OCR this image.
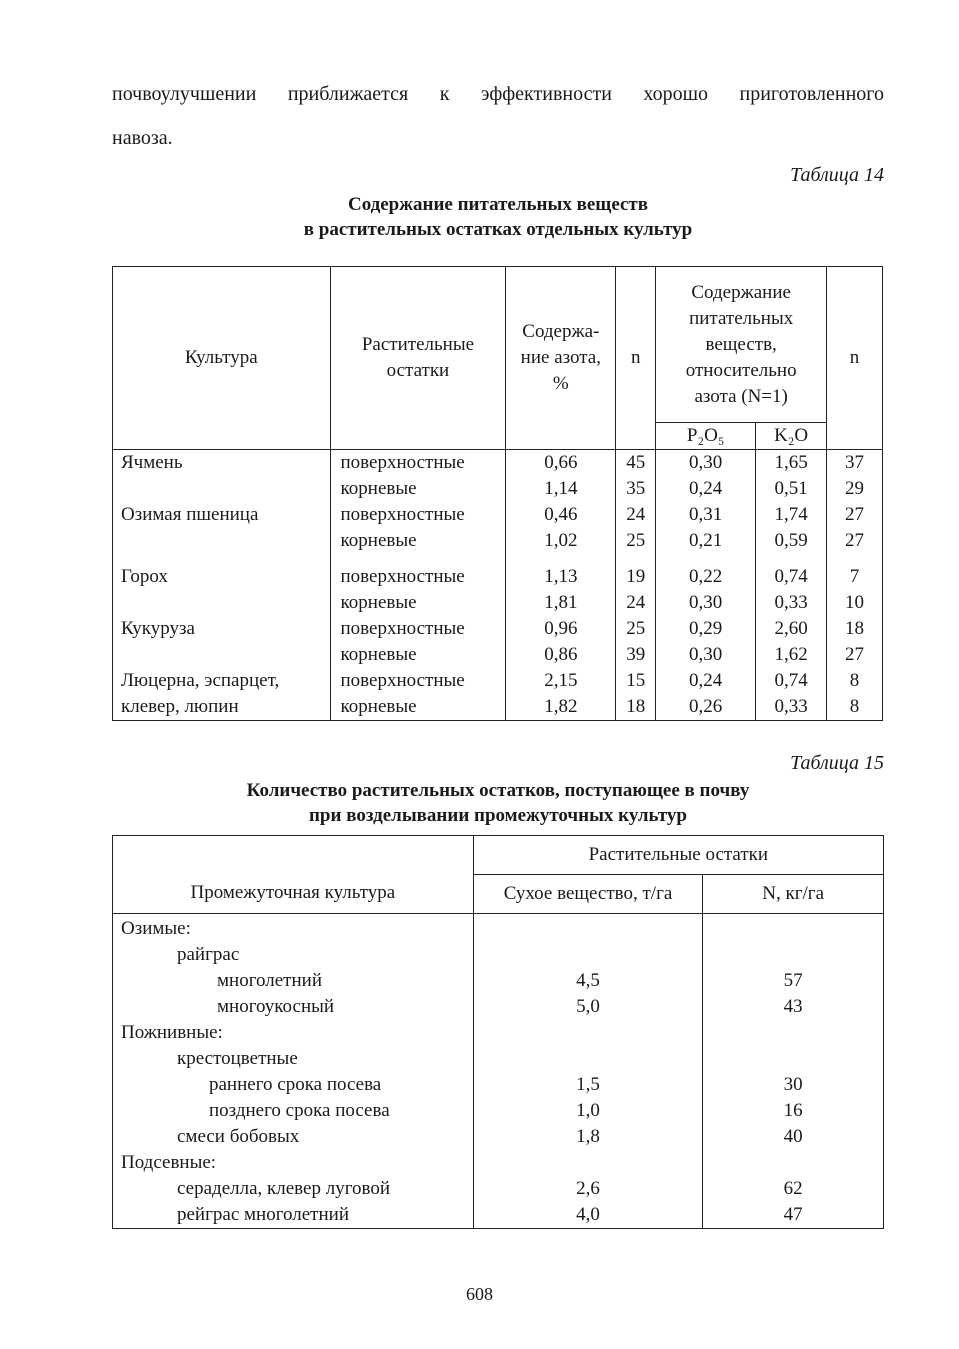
почвоулучшении приближается к эффективности хорошо приготовленного
навоза.
Таблица 14
Содержание питательных веществ
в растительных остатках отдельных культур
Культура	Растительные остатки	Содержа-ние азота, %	n	Содержание питательных веществ, относительно азота (N=1)		n
				P₂O₅	K₂O	
Ячмень	поверхностные	0,66	45	0,30	1,65	37
	корневые	1,14	35	0,24	0,51	29
Озимая пшеница	поверхностные	0,46	24	0,31	1,74	27
	корневые	1,02	25	0,21	0,59	27
Горох	поверхностные	1,13	19	0,22	0,74	7
	корневые	1,81	24	0,30	0,33	10
Кукуруза	поверхностные	0,96	25	0,29	2,60	18
	корневые	0,86	39	0,30	1,62	27
Люцерна, эспарцет,	поверхностные	2,15	15	0,24	0,74	8
клевер, люпин	корневые	1,82	18	0,26	0,33	8
Таблица 15
Количество растительных остатков, поступающее в почву
при возделывании промежуточных культур
Промежуточная культура	Растительные остатки	
	Сухое вещество, т/га	N, кг/га
Озимые:		
райграс		
многолетний	4,5	57
многоукосный	5,0	43
Пожнивные:		
крестоцветные		
раннего срока посева	1,5	30
позднего срока посева	1,0	16
смеси бобовых	1,8	40
Подсевные:		
сераделла, клевер луговой	2,6	62
рейграс многолетний	4,0	47
608
